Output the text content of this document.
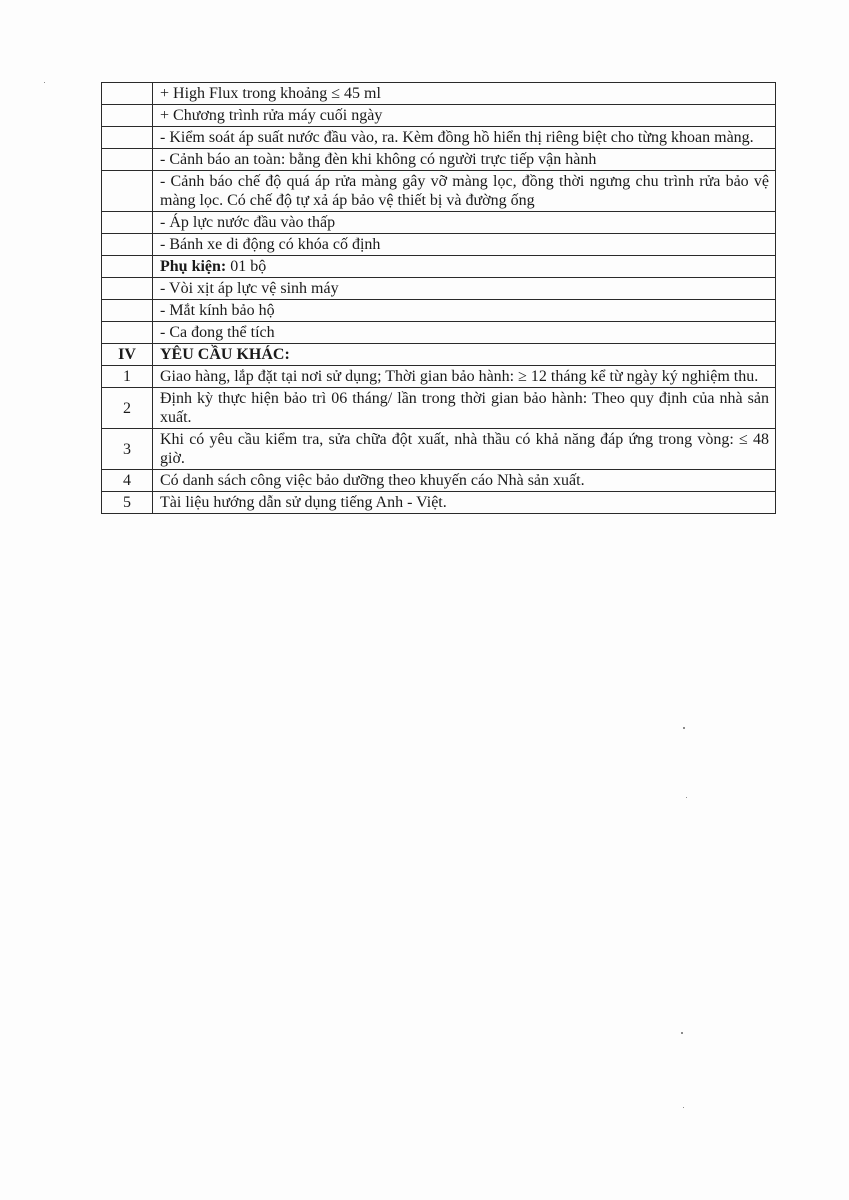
	+ High Flux trong khoảng ≤ 45 ml
	+ Chương trình rửa máy cuối ngày
	- Kiểm soát áp suất nước đầu vào, ra. Kèm đồng hồ hiển thị riêng biệt cho từng khoan màng.
	- Cảnh báo an toàn: bằng đèn khi không có người trực tiếp vận hành
	- Cảnh báo chế độ quá áp rửa màng gây vỡ màng lọc, đồng thời ngưng chu trình rửa bảo vệ màng lọc. Có chế độ tự xả áp bảo vệ thiết bị và đường ống
	- Áp lực nước đầu vào thấp
	- Bánh xe di động có khóa cố định
	Phụ kiện: 01 bộ
	- Vòi xịt áp lực vệ sinh máy
	- Mắt kính bảo hộ
	- Ca đong thể tích
IV	YÊU CẦU KHÁC:
1	Giao hàng, lắp đặt tại nơi sử dụng; Thời gian bảo hành: ≥ 12 tháng kể từ ngày ký nghiệm thu.
2	Định kỳ thực hiện bảo trì 06 tháng/ lần trong thời gian bảo hành: Theo quy định của nhà sản xuất.
3	Khi có yêu cầu kiểm tra, sửa chữa đột xuất, nhà thầu có khả năng đáp ứng trong vòng: ≤ 48 giờ.
4	Có danh sách công việc bảo dưỡng theo khuyến cáo Nhà sản xuất.
5	Tài liệu hướng dẫn sử dụng tiếng Anh - Việt.
